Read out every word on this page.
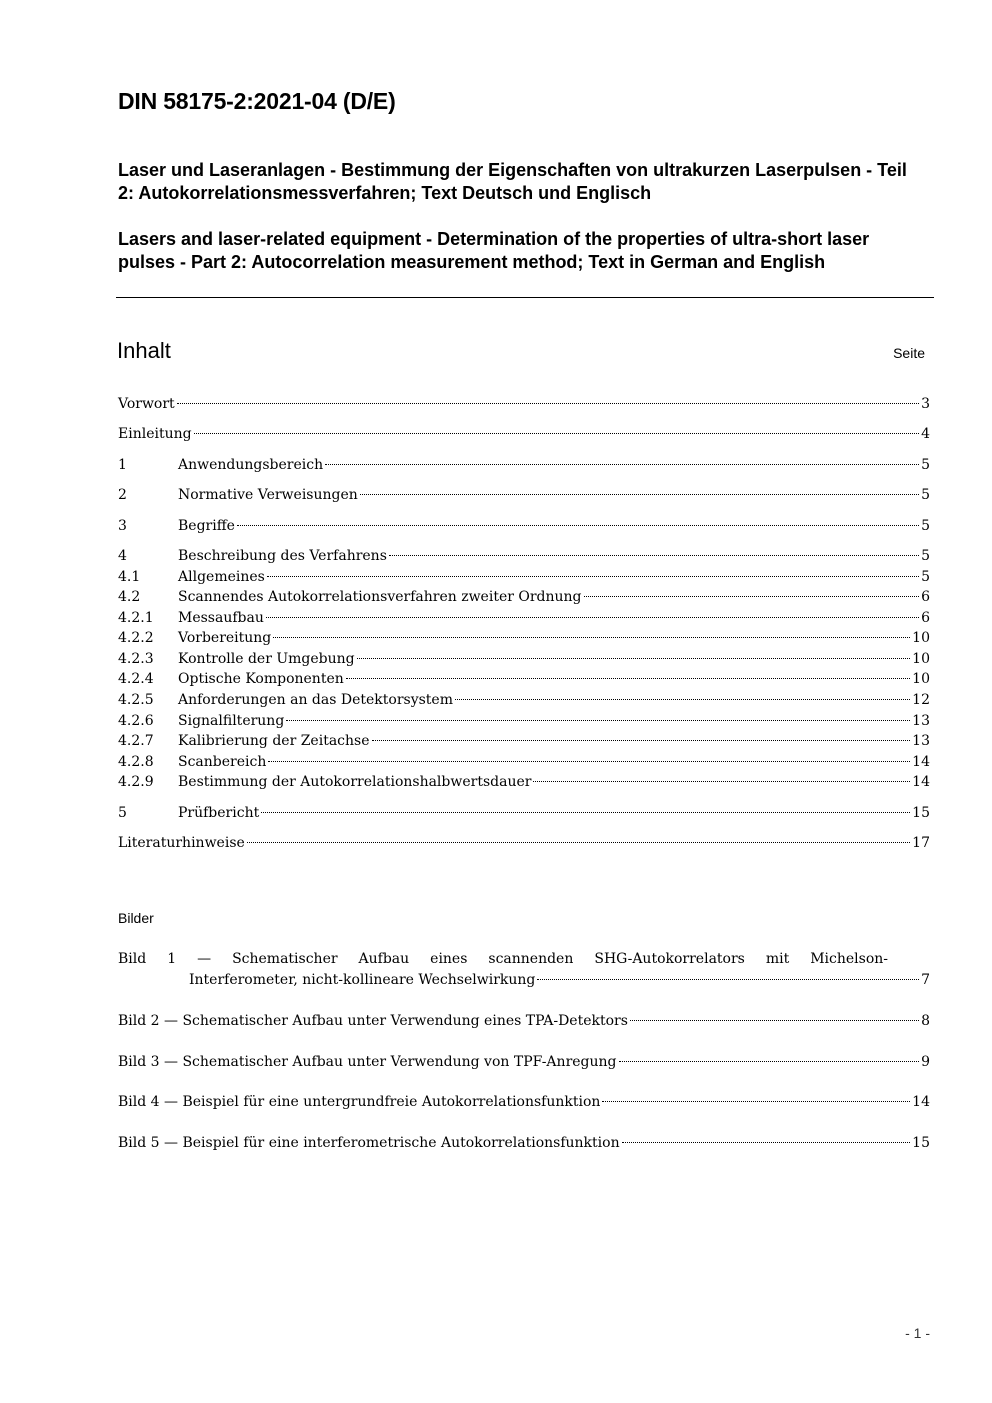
DIN 58175-2:2021-04 (D/E)
Laser und Laseranlagen - Bestimmung der Eigenschaften von ultrakurzen Laserpulsen - Teil 2: Autokorrelationsmessverfahren; Text Deutsch und Englisch
Lasers and laser-related equipment - Determination of the properties of ultra-short laser pulses - Part 2: Autocorrelation measurement method; Text in German and English
Inhalt	Seite
Vorwort	3
Einleitung	4
1	Anwendungsbereich	5
2	Normative Verweisungen	5
3	Begriffe	5
4	Beschreibung des Verfahrens	5
4.1	Allgemeines	5
4.2	Scannendes Autokorrelationsverfahren zweiter Ordnung	6
4.2.1	Messaufbau	6
4.2.2	Vorbereitung	10
4.2.3	Kontrolle der Umgebung	10
4.2.4	Optische Komponenten	10
4.2.5	Anforderungen an das Detektorsystem	12
4.2.6	Signalfilterung	13
4.2.7	Kalibrierung der Zeitachse	13
4.2.8	Scanbereich	14
4.2.9	Bestimmung der Autokorrelationshalbwertsdauer	14
5	Prüfbericht	15
Literaturhinweise	17
Bilder
Bild 1 — Schematischer Aufbau eines scannenden SHG-Autokorrelators mit Michelson-
Interferometer, nicht-kollineare Wechselwirkung	7
Bild 2 — Schematischer Aufbau unter Verwendung eines TPA-Detektors	8
Bild 3 — Schematischer Aufbau unter Verwendung von TPF-Anregung	9
Bild 4 — Beispiel für eine untergrundfreie Autokorrelationsfunktion	14
Bild 5 — Beispiel für eine interferometrische Autokorrelationsfunktion	15
- 1 -
